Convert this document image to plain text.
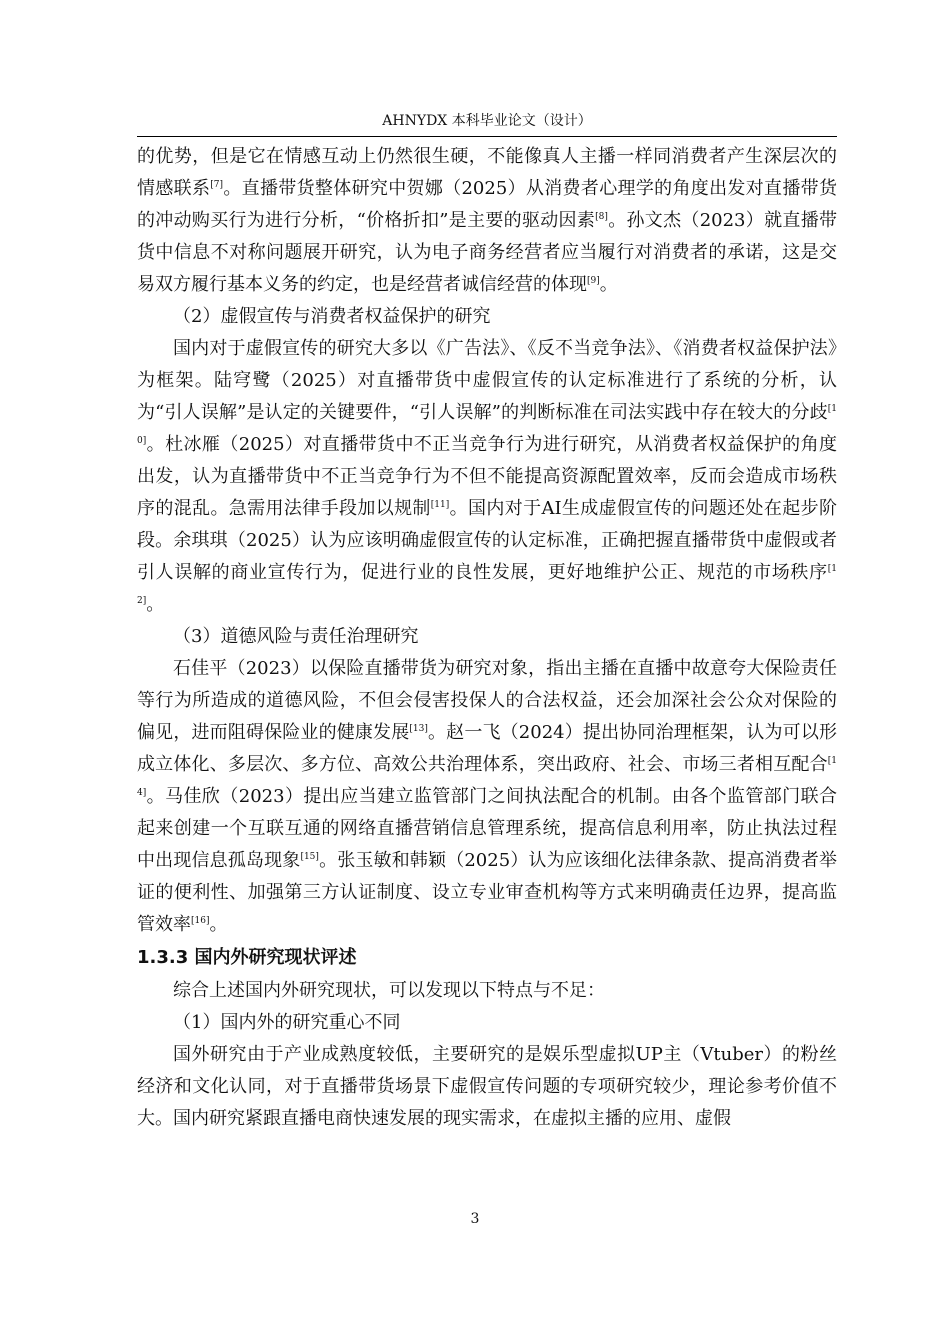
AHNYDX 本科毕业论文（设计）

的优势，但是它在情感互动上仍然很生硬，不能像真人主播一样同消费者产生深层次的情感联系[7]。直播带货整体研究中贺娜（2025）从消费者心理学的角度出发对直播带货的冲动购买行为进行分析，“价格折扣”是主要的驱动因素[8]。孙文杰（2023）就直播带货中信息不对称问题展开研究，认为电子商务经营者应当履行对消费者的承诺，这是交易双方履行基本义务的约定，也是经营者诚信经营的体现[9]。

（2）虚假宣传与消费者权益保护的研究

国内对于虚假宣传的研究大多以《广告法》、《反不当竞争法》、《消费者权益保护法》为框架。陆穹鹭（2025）对直播带货中虚假宣传的认定标准进行了系统的分析，认为“引人误解”是认定的关键要件，“引人误解”的判断标准在司法实践中存在较大的分歧[10]。杜冰雁（2025）对直播带货中不正当竞争行为进行研究，从消费者权益保护的角度出发，认为直播带货中不正当竞争行为不但不能提高资源配置效率，反而会造成市场秩序的混乱。急需用法律手段加以规制[11]。国内对于AI生成虚假宣传的问题还处在起步阶段。余琪琪（2025）认为应该明确虚假宣传的认定标准，正确把握直播带货中虚假或者引人误解的商业宣传行为，促进行业的良性发展，更好地维护公正、规范的市场秩序[12]。

（3）道德风险与责任治理研究

石佳平（2023）以保险直播带货为研究对象，指出主播在直播中故意夸大保险责任等行为所造成的道德风险，不但会侵害投保人的合法权益，还会加深社会公众对保险的偏见，进而阻碍保险业的健康发展[13]。赵一飞（2024）提出协同治理框架，认为可以形成立体化、多层次、多方位、高效公共治理体系，突出政府、社会、市场三者相互配合[14]。马佳欣（2023）提出应当建立监管部门之间执法配合的机制。由各个监管部门联合起来创建一个互联互通的网络直播营销信息管理系统，提高信息利用率，防止执法过程中出现信息孤岛现象[15]。张玉敏和韩颖（2025）认为应该细化法律条款、提高消费者举证的便利性、加强第三方认证制度、设立专业审查机构等方式来明确责任边界，提高监管效率[16]。

1.3.3 国内外研究现状评述

综合上述国内外研究现状，可以发现以下特点与不足：

（1）国内外的研究重心不同

国外研究由于产业成熟度较低，主要研究的是娱乐型虚拟UP主（Vtuber）的粉丝经济和文化认同，对于直播带货场景下虚假宣传问题的专项研究较少，理论参考价值不大。国内研究紧跟直播电商快速发展的现实需求，在虚拟主播的应用、虚假

3
